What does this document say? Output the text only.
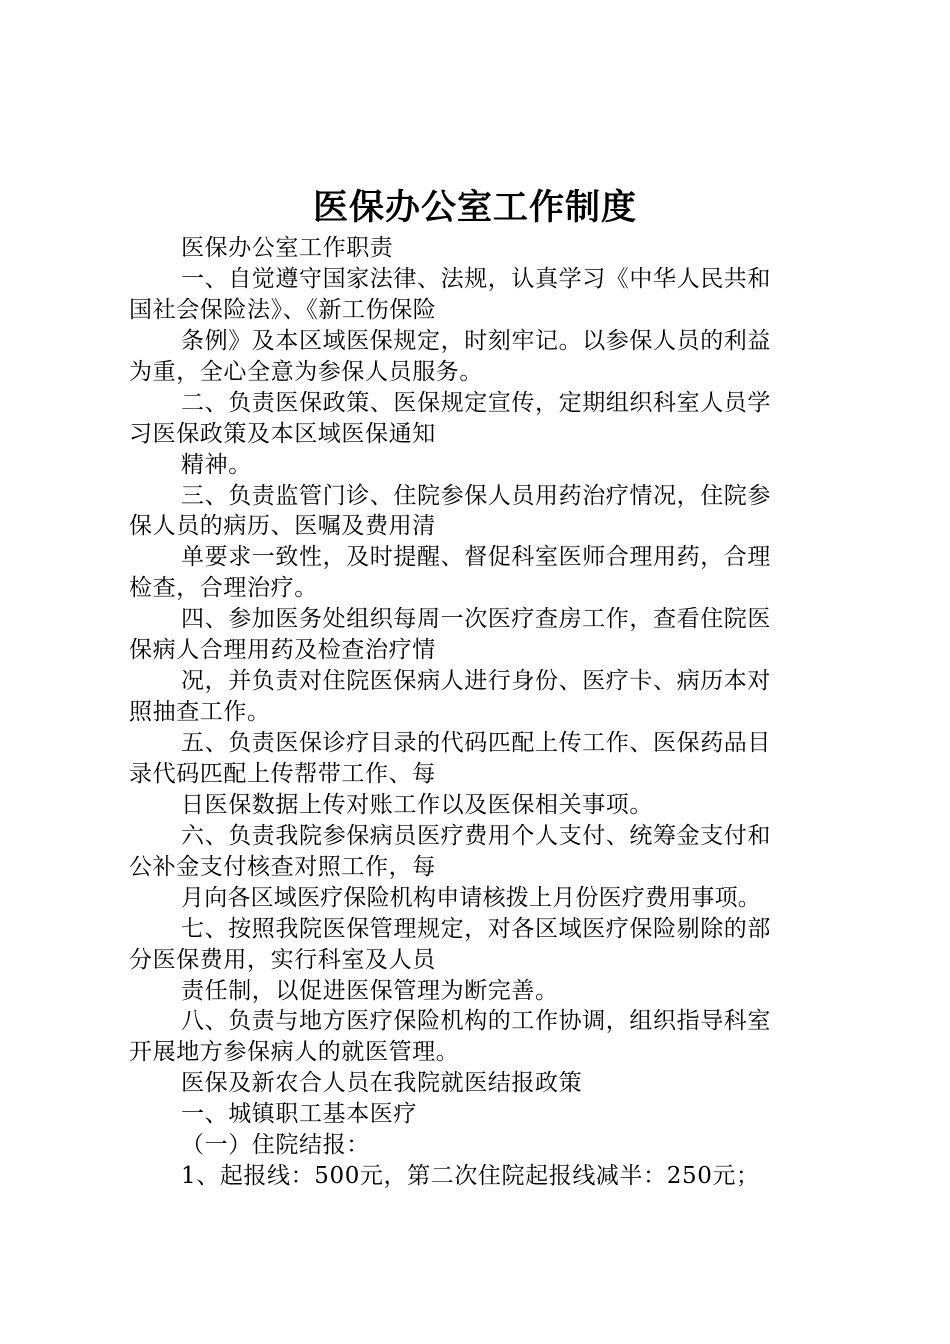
医保办公室工作制度
医保办公室工作职责
一、自觉遵守国家法律、法规，认真学习《中华人民共和
国社会保险法》、《新工伤保险
条例》及本区域医保规定，时刻牢记。以参保人员的利益
为重，全心全意为参保人员服务。
二、负责医保政策、医保规定宣传，定期组织科室人员学
习医保政策及本区域医保通知
精神。
三、负责监管门诊、住院参保人员用药治疗情况，住院参
保人员的病历、医嘱及费用清
单要求一致性，及时提醒、督促科室医师合理用药，合理
检查，合理治疗。
四、参加医务处组织每周一次医疗查房工作，查看住院医
保病人合理用药及检查治疗情
况，并负责对住院医保病人进行身份、医疗卡、病历本对
照抽查工作。
五、负责医保诊疗目录的代码匹配上传工作、医保药品目
录代码匹配上传帮带工作、每
日医保数据上传对账工作以及医保相关事项。
六、负责我院参保病员医疗费用个人支付、统筹金支付和
公补金支付核查对照工作，每
月向各区域医疗保险机构申请核拨上月份医疗费用事项。
七、按照我院医保管理规定，对各区域医疗保险剔除的部
分医保费用，实行科室及人员
责任制，以促进医保管理为断完善。
八、负责与地方医疗保险机构的工作协调，组织指导科室
开展地方参保病人的就医管理。
医保及新农合人员在我院就医结报政策
一、城镇职工基本医疗
（一）住院结报：
1、起报线：500元，第二次住院起报线减半：250元；
